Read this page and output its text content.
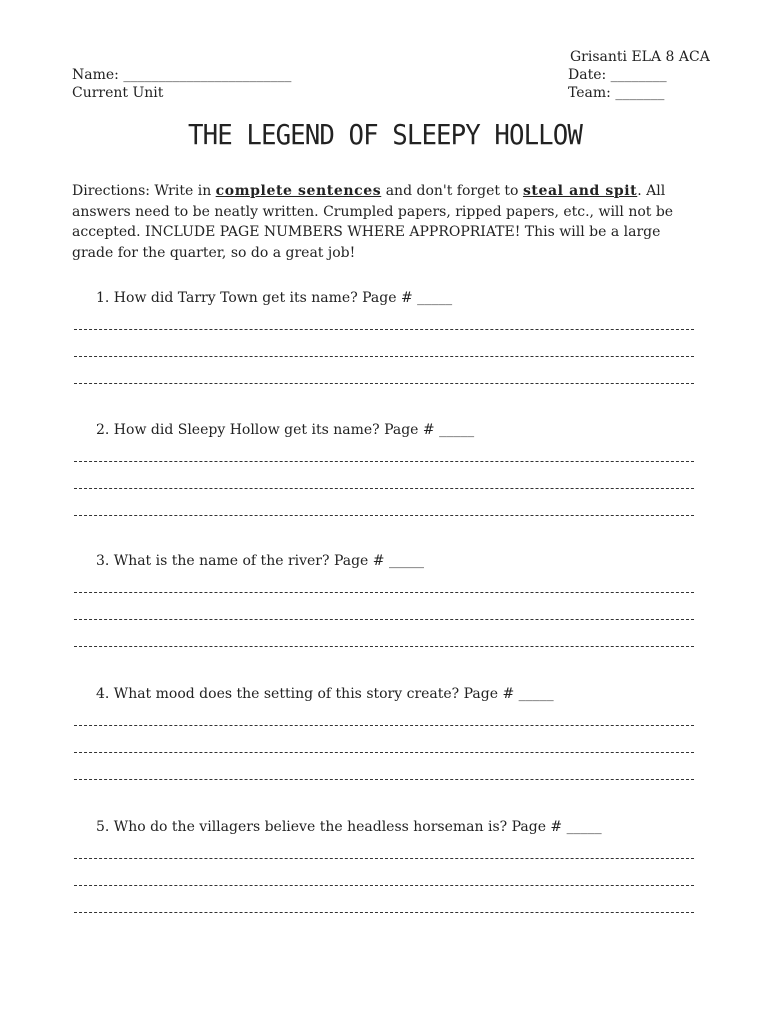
Name: ________________________
Current Unit
Grisanti ELA 8 ACA
Date: ________
Team: _______
THE LEGEND OF SLEEPY HOLLOW
Directions: Write in complete sentences and don't forget to steal and spit. All answers need to be neatly written. Crumpled papers, ripped papers, etc., will not be accepted. INCLUDE PAGE NUMBERS WHERE APPROPRIATE! This will be a large grade for the quarter, so do a great job!
1. How did Tarry Town get its name? Page # _____
2. How did Sleepy Hollow get its name? Page # _____
3. What is the name of the river? Page # _____
4. What mood does the setting of this story create? Page # _____
5. Who do the villagers believe the headless horseman is? Page # _____
